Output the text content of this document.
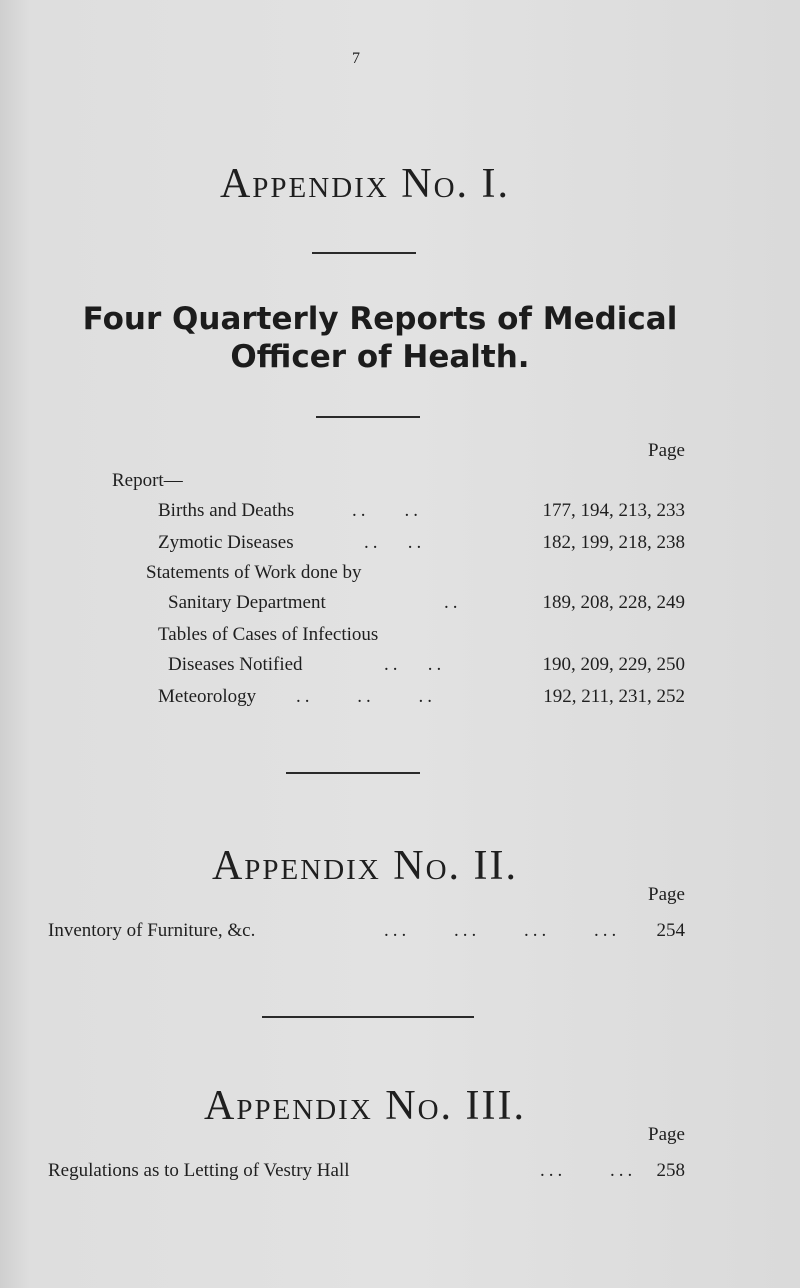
7
Appendix No. I.
Four Quarterly Reports of Medical
Officer of Health.
Page
Report—
Births and Deaths	..    ..	177, 194, 213, 233
Zymotic Diseases	..   ..	182, 199, 218, 238
Statements of Work done by
Sanitary Department	..	189, 208, 228, 249
Tables of Cases of Infectious
Diseases Notified	..   ..	190, 209, 229, 250
Meteorology ..     ..     ..	192, 211, 231, 252
Appendix No. II.
Page
Inventory of Furniture, &c.	...     ...     ...     ... 254
Appendix No. III.
Page
Regulations as to Letting of Vestry Hall	...     ... 258
